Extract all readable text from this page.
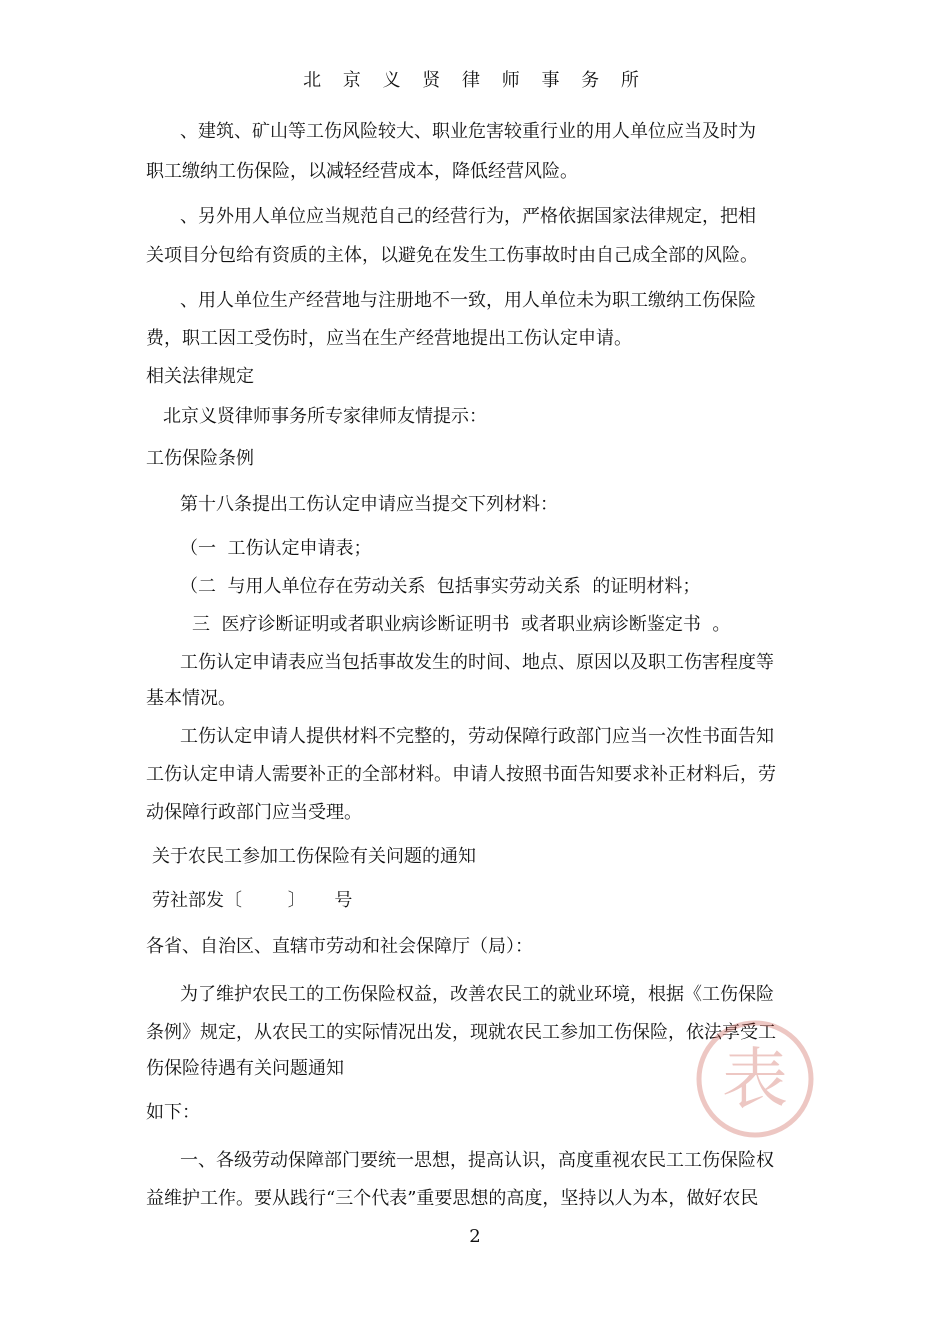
北 京 义 贤 律 师 事 务 所
、建筑、矿山等工伤风险较大、职业危害较重行业的用人单位应当及时为
职工缴纳工伤保险，以减轻经营成本，降低经营风险。
、另外用人单位应当规范自己的经营行为，严格依据国家法律规定，把相
关项目分包给有资质的主体，以避免在发生工伤事故时由自己成全部的风险。
、用人单位生产经营地与注册地不一致，用人单位未为职工缴纳工伤保险
费，职工因工受伤时，应当在生产经营地提出工伤认定申请。
相关法律规定
北京义贤律师事务所专家律师友情提示：
工伤保险条例
第十八条提出工伤认定申请应当提交下列材料：
（一  工伤认定申请表；
（二  与用人单位存在劳动关系  包括事实劳动关系  的证明材料；
三  医疗诊断证明或者职业病诊断证明书  或者职业病诊断鉴定书  。
工伤认定申请表应当包括事故发生的时间、地点、原因以及职工伤害程度等
基本情况。
工伤认定申请人提供材料不完整的，劳动保障行政部门应当一次性书面告知
工伤认定申请人需要补正的全部材料。申请人按照书面告知要求补正材料后，劳
动保障行政部门应当受理。
关于农民工参加工伤保险有关问题的通知
劳社部发〔        〕     号
各省、自治区、直辖市劳动和社会保障厅（局）：
为了维护农民工的工伤保险权益，改善农民工的就业环境，根据《工伤保险
条例》规定，从农民工的实际情况出发，现就农民工参加工伤保险，依法享受工
伤保险待遇有关问题通知
如下：
一、各级劳动保障部门要统一思想，提高认识，高度重视农民工工伤保险权
益维护工作。要从践行“三个代表”重要思想的高度，坚持以人为本，做好农民
2
表
